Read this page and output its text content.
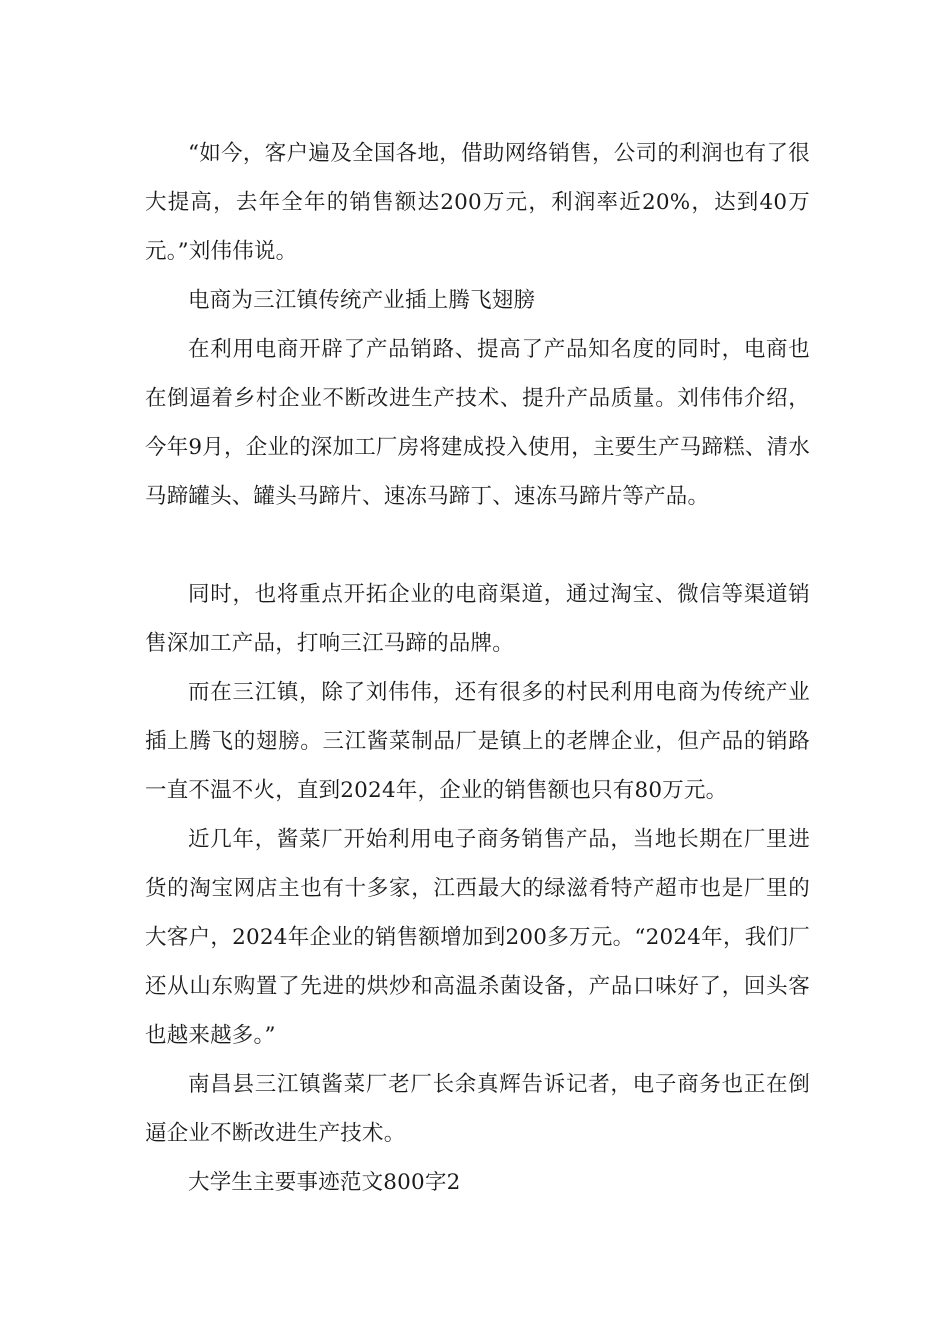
“如今，客户遍及全国各地，借助网络销售，公司的利润也有了很大提高，去年全年的销售额达200万元，利润率近20%，达到40万元。”刘伟伟说。

电商为三江镇传统产业插上腾飞翅膀

在利用电商开辟了产品销路、提高了产品知名度的同时，电商也在倒逼着乡村企业不断改进生产技术、提升产品质量。刘伟伟介绍，今年9月，企业的深加工厂房将建成投入使用，主要生产马蹄糕、清水马蹄罐头、罐头马蹄片、速冻马蹄丁、速冻马蹄片等产品。

同时，也将重点开拓企业的电商渠道，通过淘宝、微信等渠道销售深加工产品，打响三江马蹄的品牌。

而在三江镇，除了刘伟伟，还有很多的村民利用电商为传统产业插上腾飞的翅膀。三江酱菜制品厂是镇上的老牌企业，但产品的销路一直不温不火，直到2024年，企业的销售额也只有80万元。

近几年，酱菜厂开始利用电子商务销售产品，当地长期在厂里进货的淘宝网店主也有十多家，江西最大的绿滋肴特产超市也是厂里的大客户，2024年企业的销售额增加到200多万元。“2024年，我们厂还从山东购置了先进的烘炒和高温杀菌设备，产品口味好了，回头客也越来越多。”

南昌县三江镇酱菜厂老厂长余真辉告诉记者，电子商务也正在倒逼企业不断改进生产技术。

大学生主要事迹范文800字2
